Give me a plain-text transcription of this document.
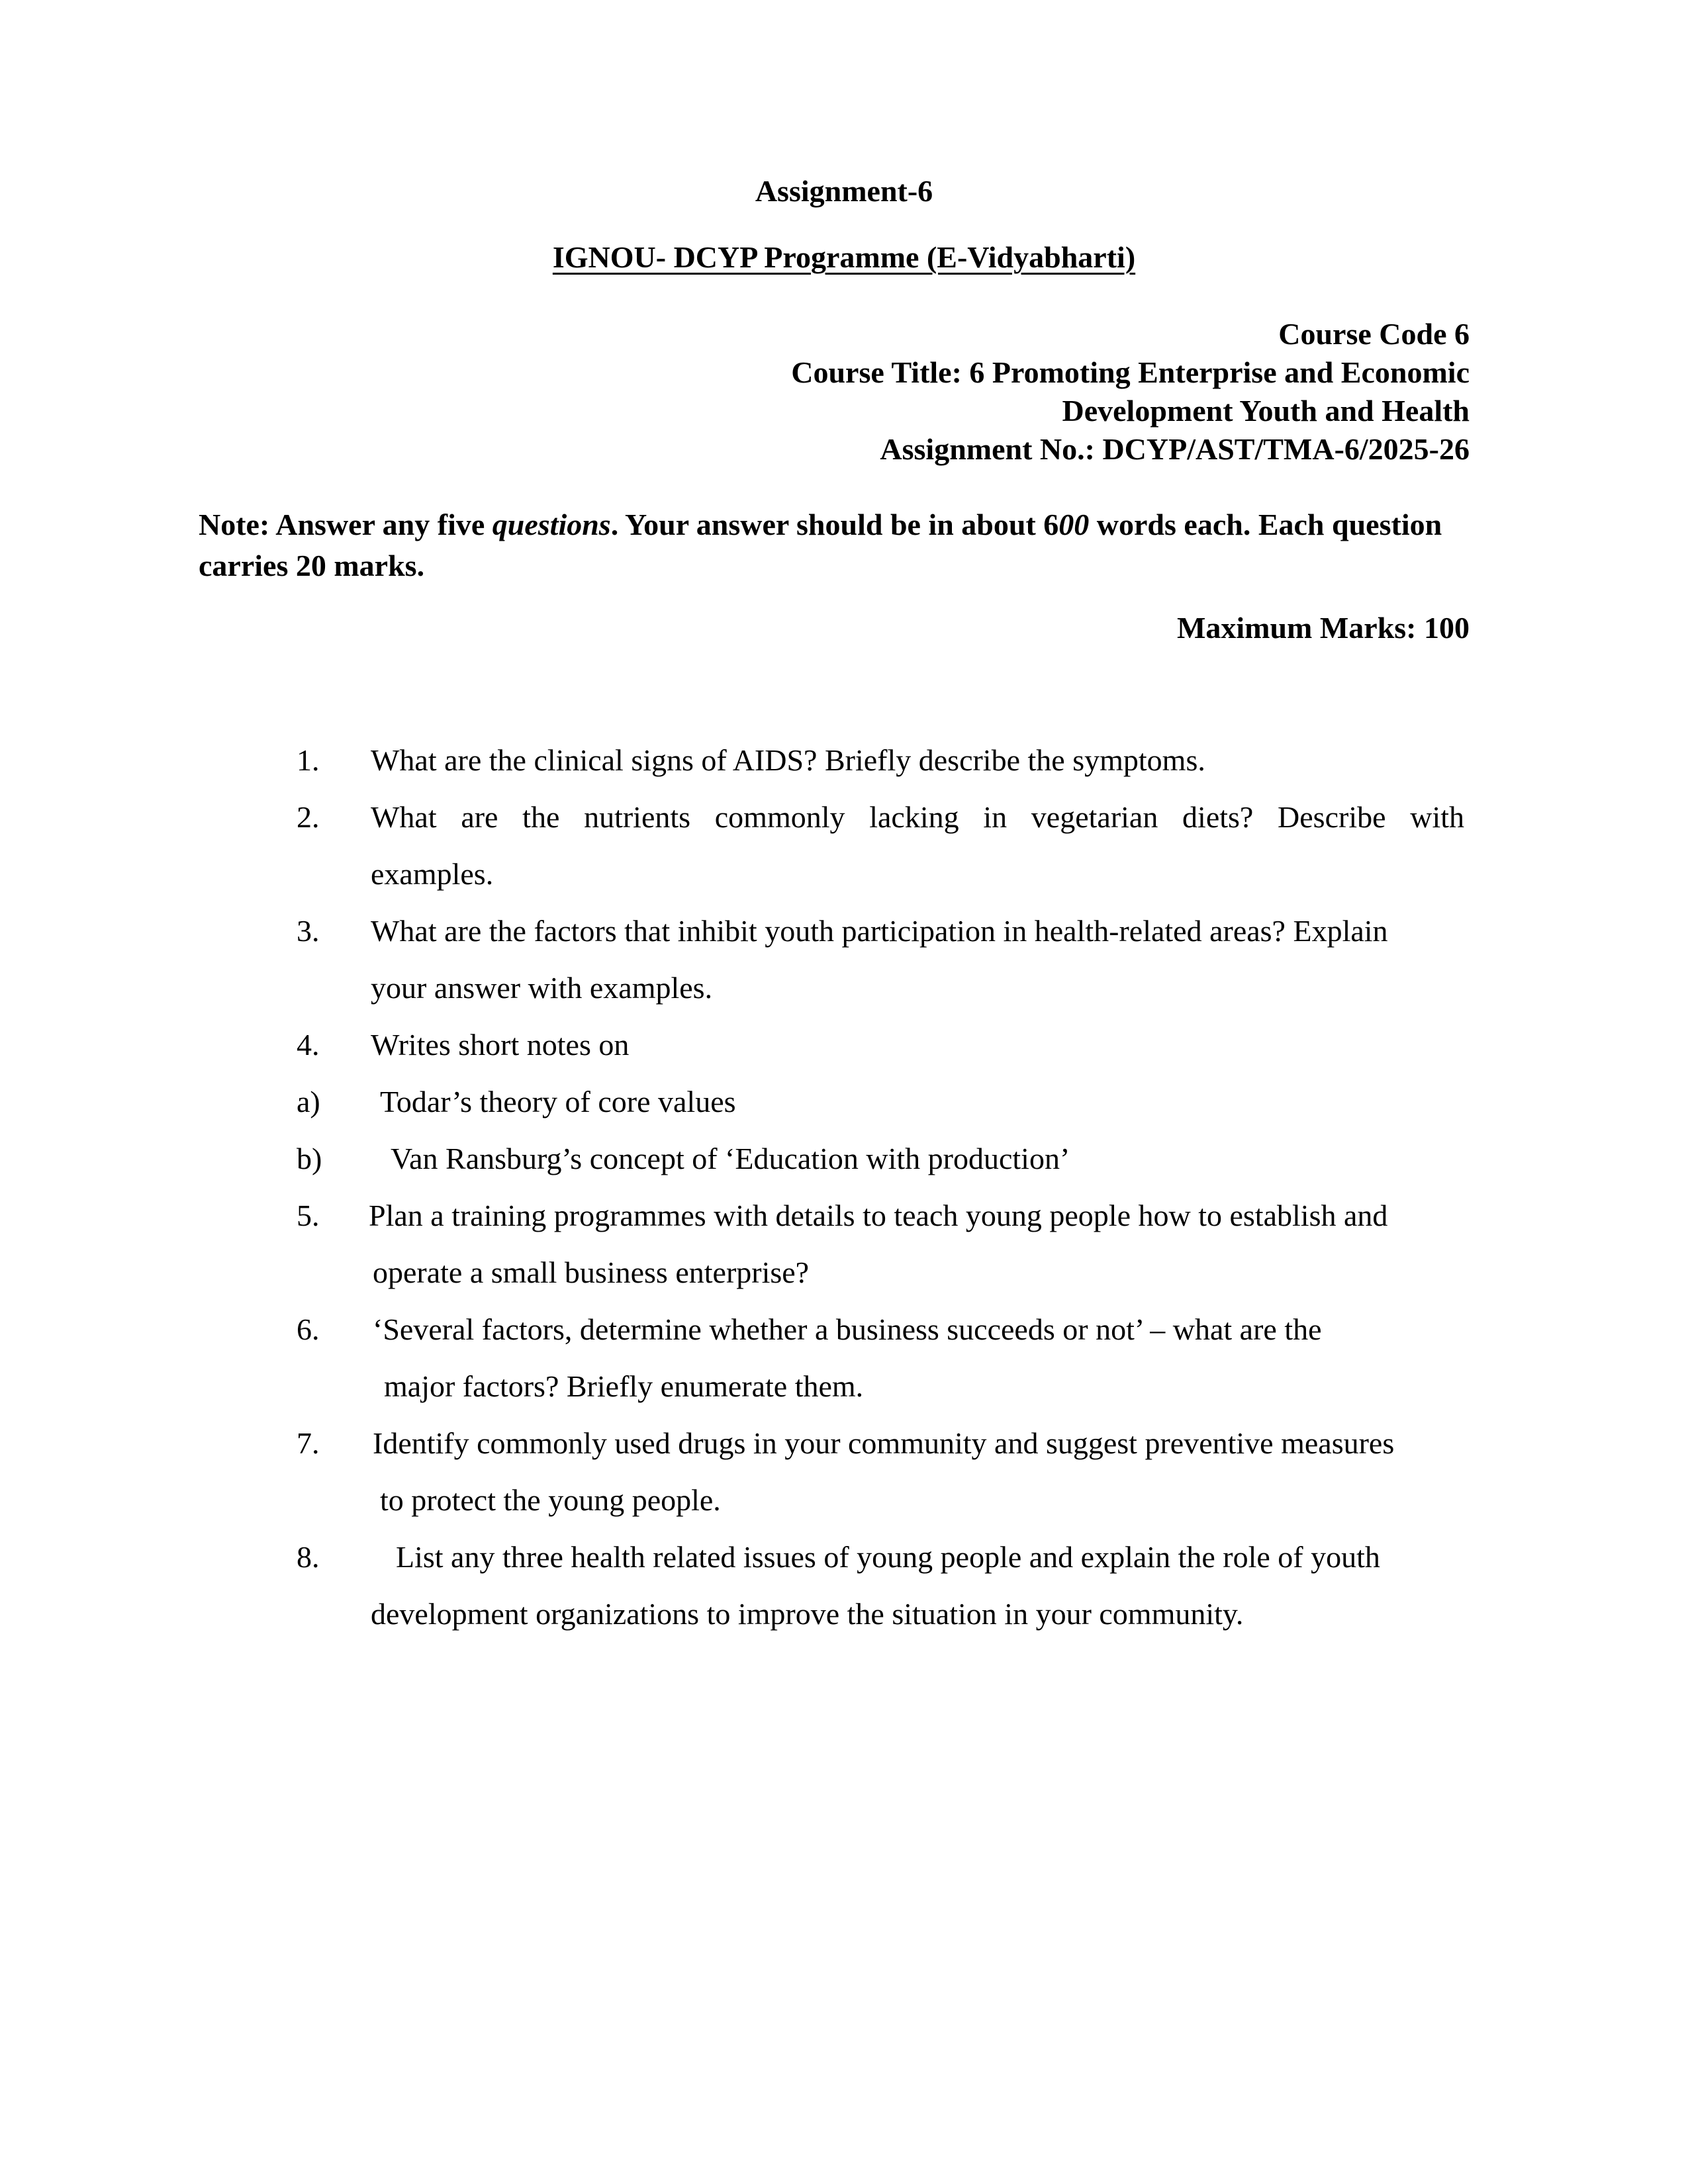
Assignment-6
IGNOU- DCYP Programme (E-Vidyabharti)
Course Code 6
Course Title: 6 Promoting Enterprise and Economic
Development Youth and Health
Assignment No.: DCYP/AST/TMA-6/2025-26
Note: Answer any five questions. Your answer should be in about 600 words each. Each question carries 20 marks.
Maximum Marks: 100
1. What are the clinical signs of AIDS? Briefly describe the symptoms.
2. What are the nutrients commonly lacking in vegetarian diets? Describe with
examples.
3. What are the factors that inhibit youth participation in health-related areas? Explain
your answer with examples.
4. Writes short notes on
a) Todar’s theory of core values
b) Van Ransburg’s concept of ‘Education with production’
5. Plan a training programmes with details to teach young people how to establish and
operate a small business enterprise?
6. ‘Several factors, determine whether a business succeeds or not’ – what are the
major factors? Briefly enumerate them.
7. Identify commonly used drugs in your community and suggest preventive measures
to protect the young people.
8.	List any three health related issues of young people and explain the role of youth
development organizations to improve the situation in your community.
